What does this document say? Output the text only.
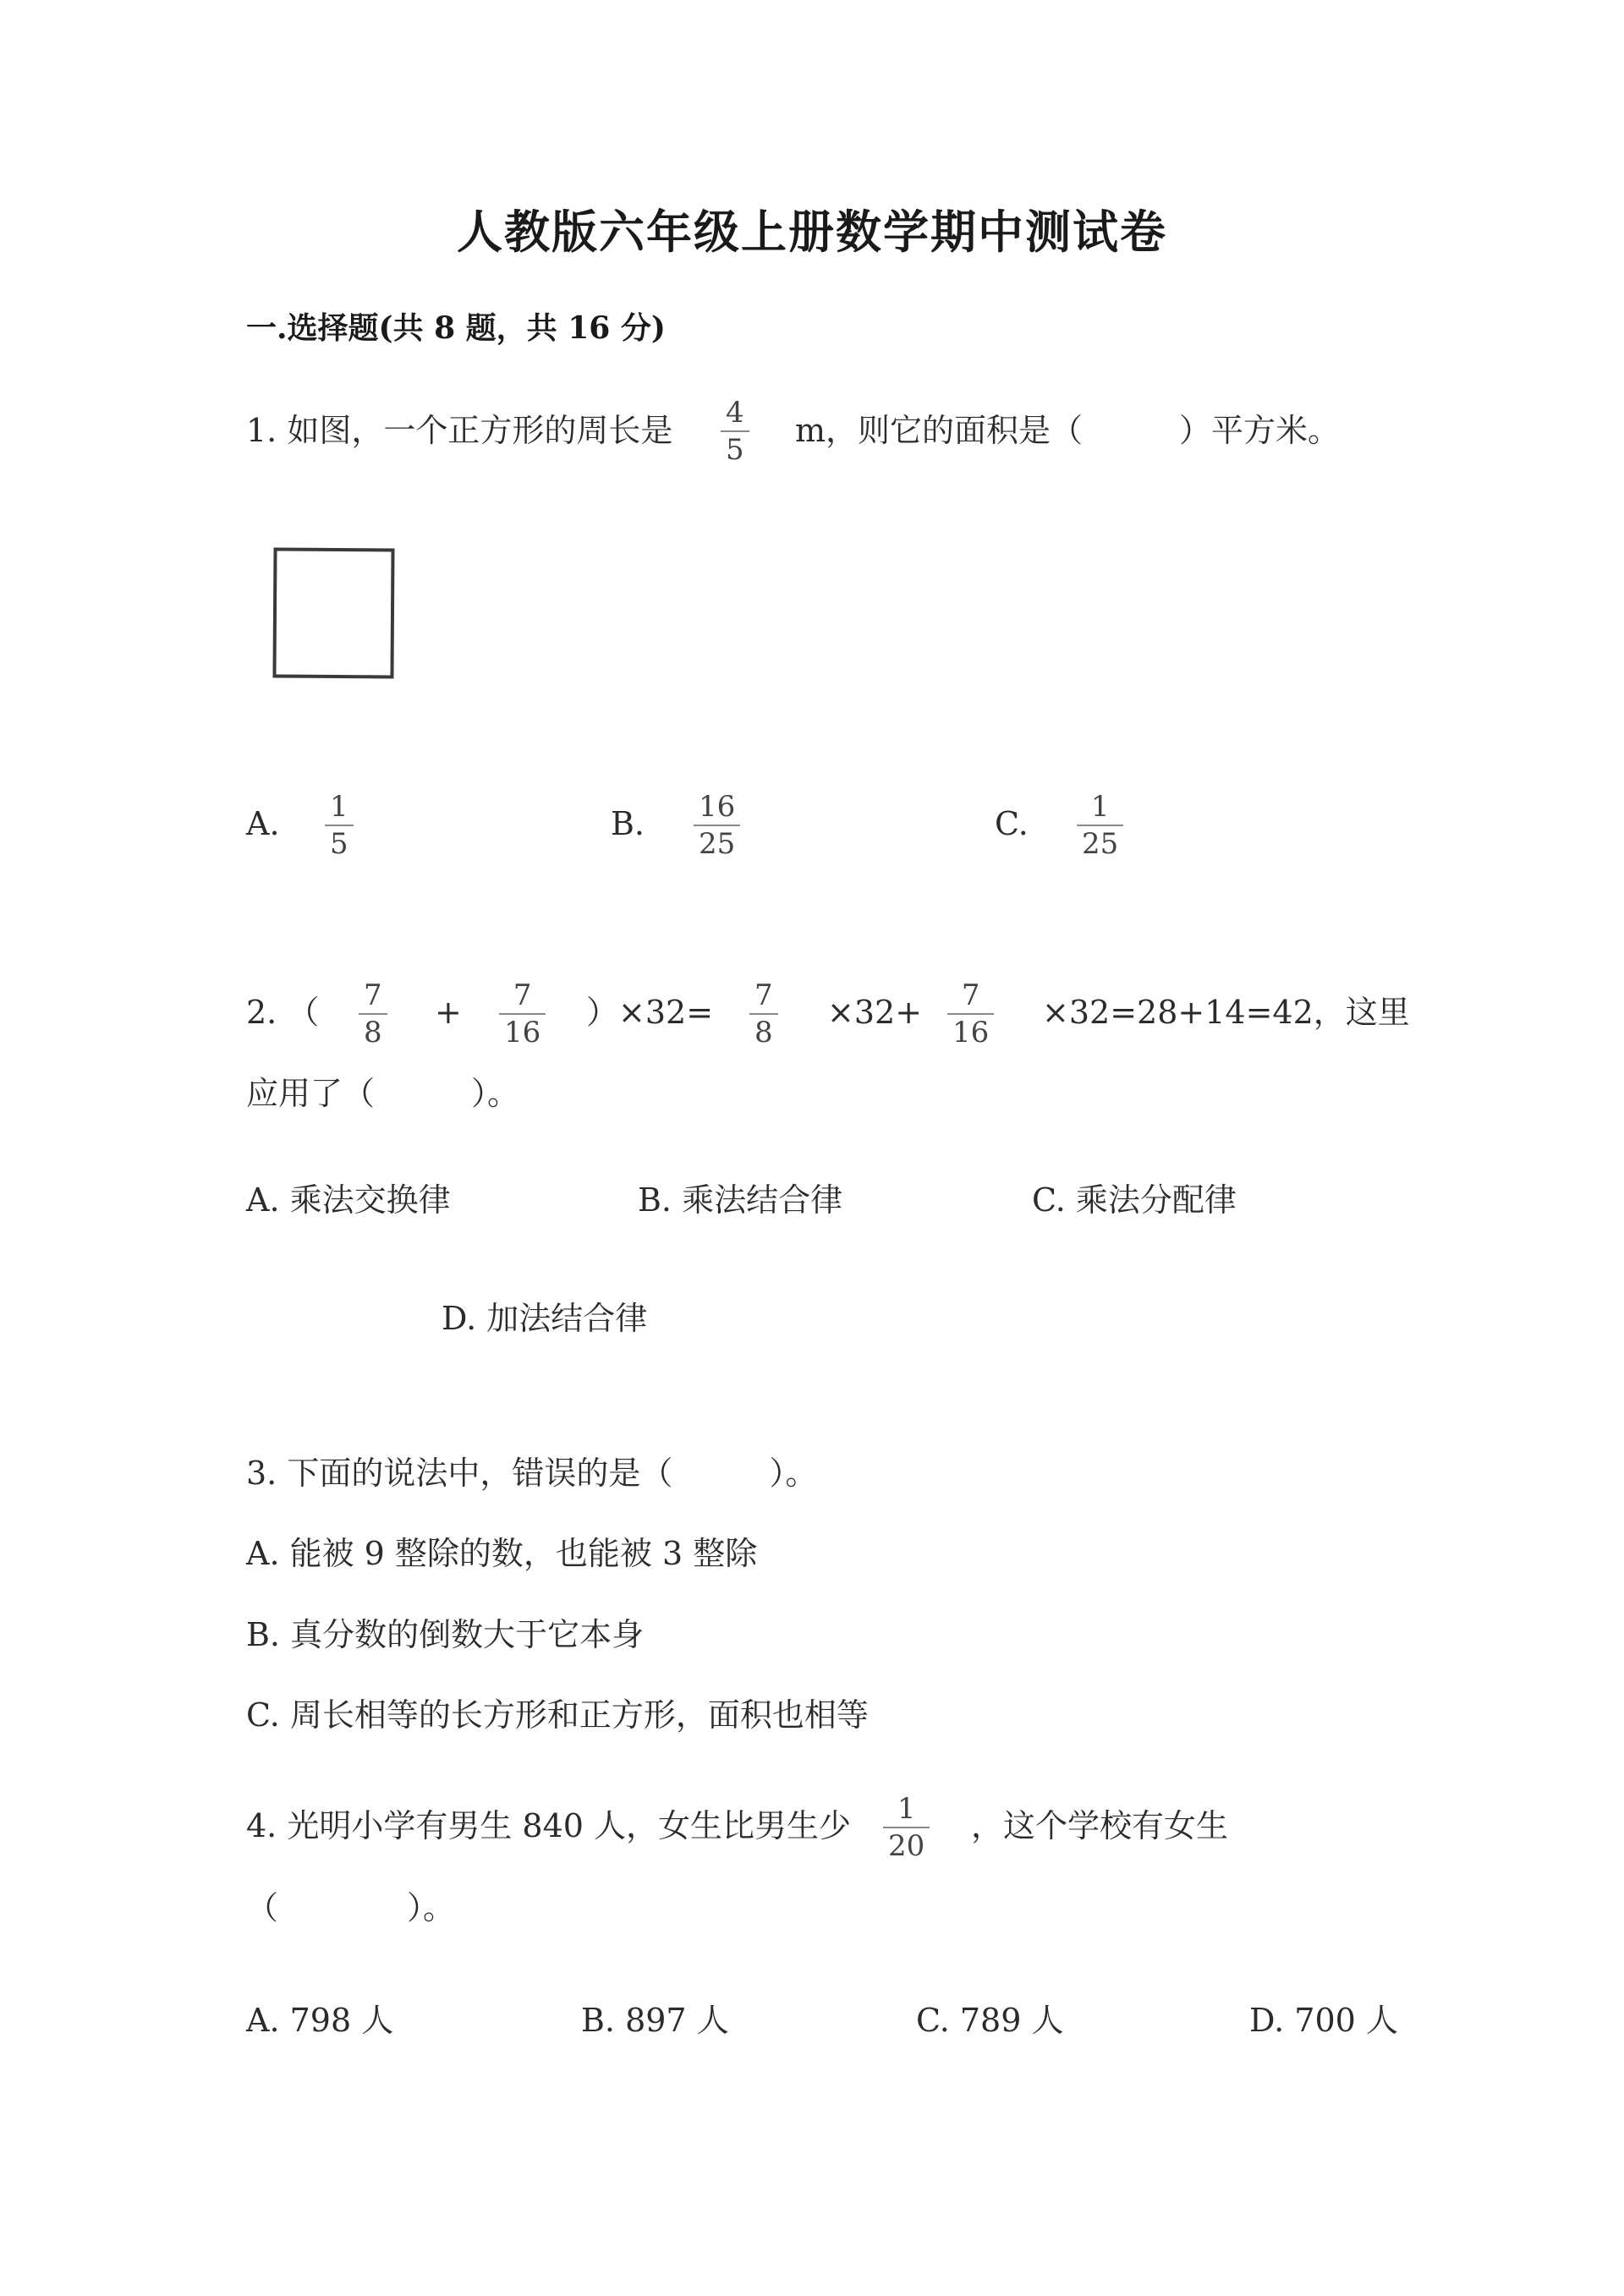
人教版六年级上册数学期中测试卷
一.选择题(共 8 题，共 16 分)
1. 如图，一个正方形的周长是 4
5
m，则它的面积是（　　　）平方米。
A. 1
5
B. 16
25
C. 1
25
2. （ 7
8
+ 7
16
）×32= 7
8
×32+ 7
16
×32=28+14=42，这里
应用了（　　　）。
A. 乘法交换律	B. 乘法结合律	C. 乘法分配律
D. 加法结合律
3. 下面的说法中，错误的是（　　　）。
A. 能被 9 整除的数，也能被 3 整除
B. 真分数的倒数大于它本身
C. 周长相等的长方形和正方形，面积也相等
4. 光明小学有男生 840 人，女生比男生少 1
20
，这个学校有女生
（　　　　）。
A. 798 人	B. 897 人	C. 789 人	D. 700 人
